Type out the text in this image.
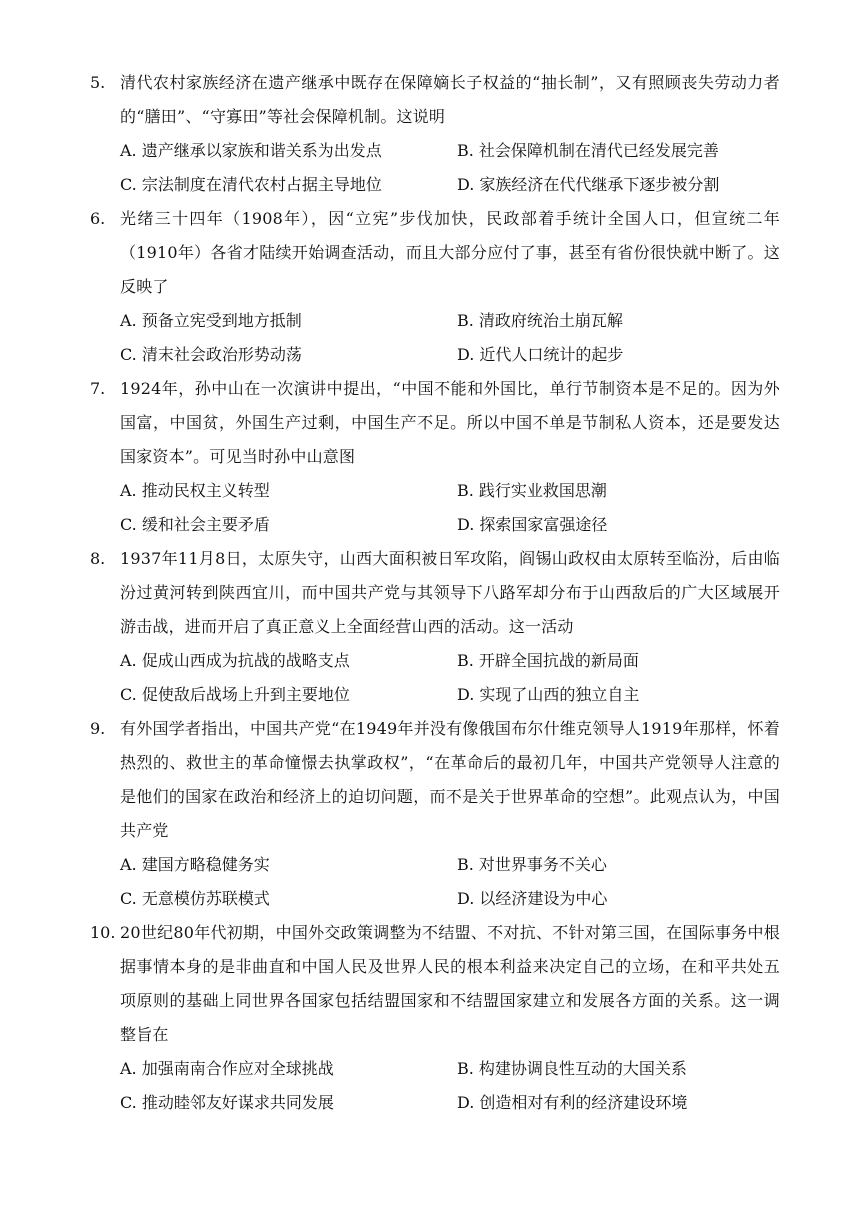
5. 清代农村家族经济在遗产继承中既存在保障嫡长子权益的“抽长制”，又有照顾丧失劳动力者的“膳田”、“守寡田”等社会保障机制。这说明
A. 遗产继承以家族和谐关系为出发点	B. 社会保障机制在清代已经发展完善
C. 宗法制度在清代农村占据主导地位	D. 家族经济在代代继承下逐步被分割
6. 光绪三十四年（1908年），因“立宪”步伐加快，民政部着手统计全国人口，但宣统二年（1910年）各省才陆续开始调查活动，而且大部分应付了事，甚至有省份很快就中断了。这反映了
A. 预备立宪受到地方抵制	B. 清政府统治土崩瓦解
C. 清末社会政治形势动荡	D. 近代人口统计的起步
7. 1924年，孙中山在一次演讲中提出，“中国不能和外国比，单行节制资本是不足的。因为外国富，中国贫，外国生产过剩，中国生产不足。所以中国不单是节制私人资本，还是要发达国家资本”。可见当时孙中山意图
A. 推动民权主义转型	B. 践行实业救国思潮
C. 缓和社会主要矛盾	D. 探索国家富强途径
8. 1937年11月8日，太原失守，山西大面积被日军攻陷，阎锡山政权由太原转至临汾，后由临汾过黄河转到陕西宜川，而中国共产党与其领导下八路军却分布于山西敌后的广大区域展开游击战，进而开启了真正意义上全面经营山西的活动。这一活动
A. 促成山西成为抗战的战略支点	B. 开辟全国抗战的新局面
C. 促使敌后战场上升到主要地位	D. 实现了山西的独立自主
9. 有外国学者指出，中国共产党“在1949年并没有像俄国布尔什维克领导人1919年那样，怀着热烈的、救世主的革命憧憬去执掌政权”，“在革命后的最初几年，中国共产党领导人注意的是他们的国家在政治和经济上的迫切问题，而不是关于世界革命的空想”。此观点认为，中国共产党
A. 建国方略稳健务实	B. 对世界事务不关心
C. 无意模仿苏联模式	D. 以经济建设为中心
10. 20世纪80年代初期，中国外交政策调整为不结盟、不对抗、不针对第三国，在国际事务中根据事情本身的是非曲直和中国人民及世界人民的根本利益来决定自己的立场，在和平共处五项原则的基础上同世界各国家包括结盟国家和不结盟国家建立和发展各方面的关系。这一调整旨在
A. 加强南南合作应对全球挑战	B. 构建协调良性互动的大国关系
C. 推动睦邻友好谋求共同发展	D. 创造相对有利的经济建设环境
